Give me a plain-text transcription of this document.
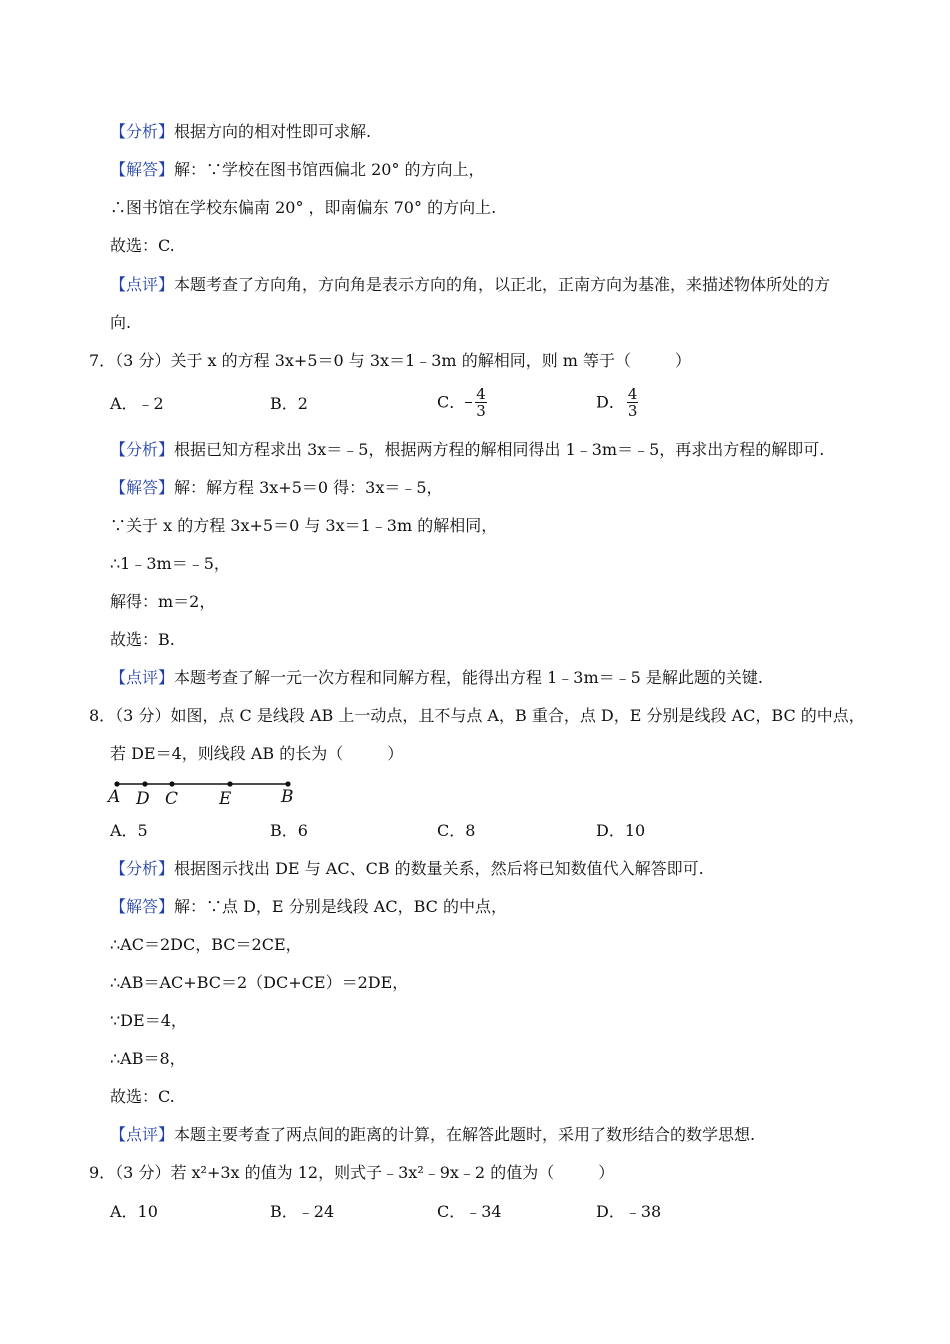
【分析】根据方向的相对性即可求解.
【解答】解：∵学校在图书馆西偏北 20° 的方向上，
∴图书馆在学校东偏南 20° ，即南偏东 70° 的方向上.
故选：C.
【点评】本题考查了方向角，方向角是表示方向的角，以正北，正南方向为基准，来描述物体所处的方
向.
7．（3 分）关于 x 的方程 3x+5＝0 与 3x＝1﹣3m 的解相同，则 m 等于（	）
A．﹣2	B．2	C． $\frac{4}{3}$	D． $\frac{4}{3}$
【分析】根据已知方程求出 3x＝﹣5，根据两方程的解相同得出 1﹣3m＝﹣5，再求出方程的解即可.
【解答】解：解方程 3x+5＝0 得：3x＝﹣5，
∵关于 x 的方程 3x+5＝0 与 3x＝1﹣3m 的解相同，
∴1﹣3m＝﹣5，
解得：m＝2，
故选：B.
【点评】本题考查了解一元一次方程和同解方程，能得出方程 1﹣3m＝﹣5 是解此题的关键.
8．（3 分）如图，点 C 是线段 AB 上一动点，且不与点 A，B 重合，点 D，E 分别是线段 AC，BC 的中点，
若 DE＝4，则线段 AB 的长为（	）
A D C E	B
A．5	B．6	C．8	D．10
【分析】根据图示找出 DE 与 AC、CB 的数量关系，然后将已知数值代入解答即可.
【解答】解：∵点 D，E 分别是线段 AC，BC 的中点，
∴AC＝2DC，BC＝2CE，
∴AB＝AC+BC＝2（DC+CE）＝2DE，
∵DE＝4，
∴AB＝8，
故选：C.
【点评】本题主要考查了两点间的距离的计算，在解答此题时，采用了数形结合的数学思想.
9．（3 分）若 x²+3x 的值为 12，则式子﹣3x²﹣9x﹣2 的值为（	）
A．10	B．﹣24	C．﹣34	D．﹣38
